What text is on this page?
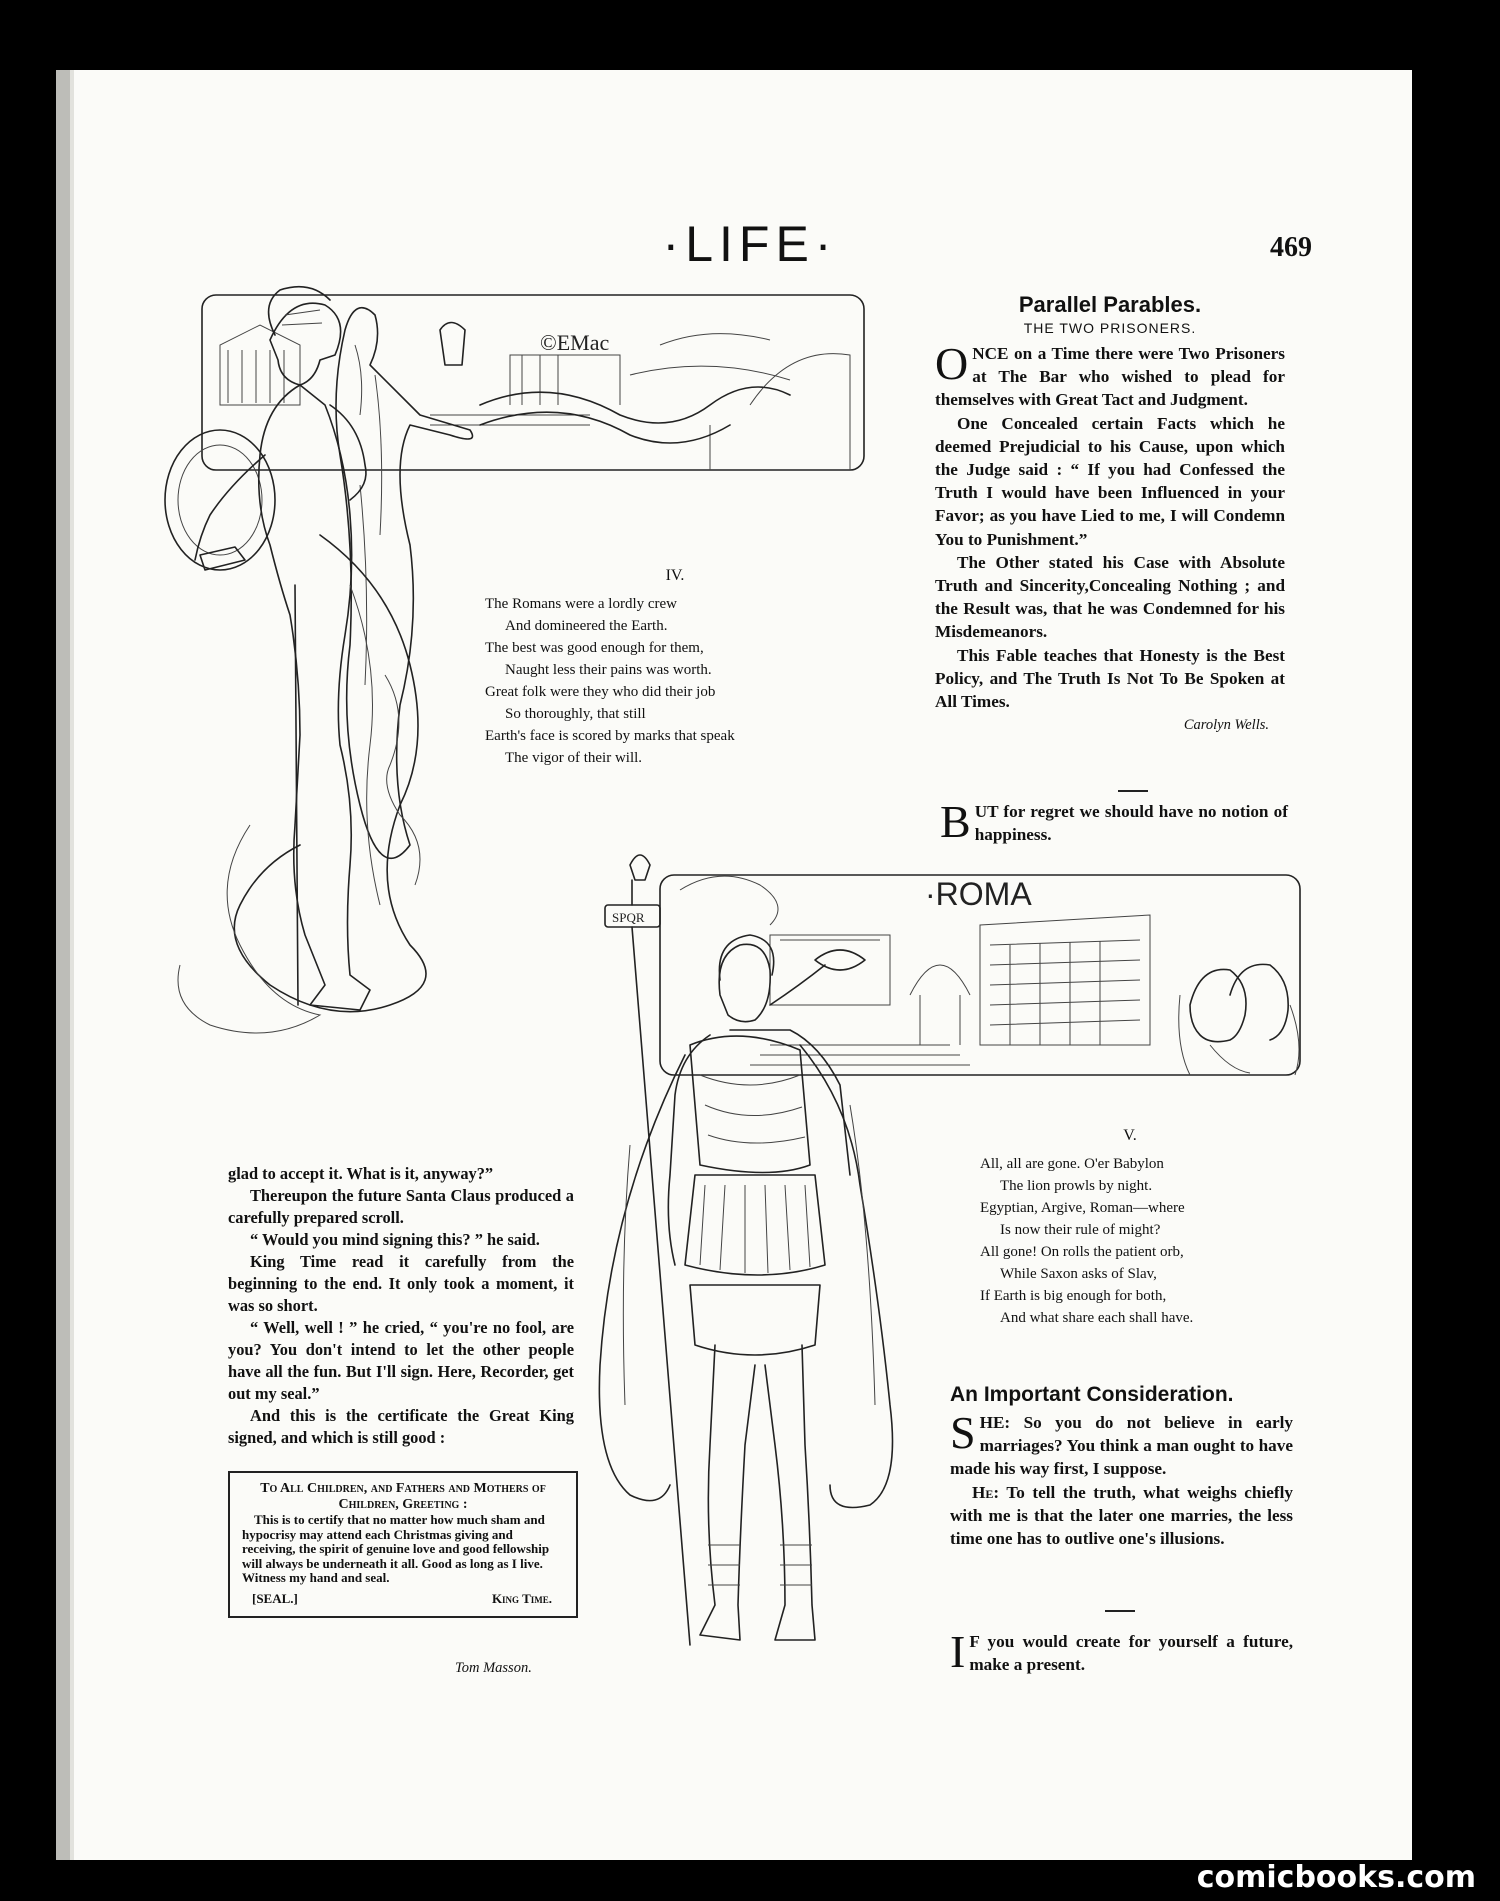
·LIFE·	469
©EMac
IV.
The Romans were a lordly crew
And domineered the Earth.
The best was good enough for them,
Naught less their pains was worth.
Great folk were they who did their job
So thoroughly, that still
Earth's face is scored by marks that speak
The vigor of their will.
Parallel Parables.
THE TWO PRISONERS.

ONCE on a Time there were Two Prisoners at The Bar who wished to plead for themselves with Great Tact and Judgment.

One Concealed certain Facts which he deemed Prejudicial to his Cause, upon which the Judge said : “ If you had Confessed the Truth I would have been Influenced in your Favor; as you have Lied to me, I will Condemn You to Punishment.”

The Other stated his Case with Absolute Truth and Sincerity,Concealing Nothing ; and the Result was, that he was Condemned for his Misdemeanors.

This Fable teaches that Honesty is the Best Policy, and The Truth Is Not To Be Spoken at All Times.

Carolyn Wells.

BUT for regret we should have no notion of happiness.

·ROMA
SPQR
V.
All, all are gone. O'er Babylon
The lion prowls by night.
Egyptian, Argive, Roman—where
Is now their rule of might?
All gone! On rolls the patient orb,
While Saxon asks of Slav,
If Earth is big enough for both,
And what share each shall have.

glad to accept it. What is it, anyway?”

Thereupon the future Santa Claus produced a carefully prepared scroll.

“ Would you mind signing this? ” he said.

King Time read it carefully from the beginning to the end. It only took a moment, it was so short.

“ Well, well ! ” he cried, “ you're no fool, are you? You don't intend to let the other people have all the fun. But I'll sign. Here, Recorder, get out my seal.”

And this is the certificate the Great King signed, and which is still good :

To All Children, and Fathers and Mothers of Children, Greeting :
This is to certify that no matter how much sham and hypocrisy may attend each Christmas giving and receiving, the spirit of genuine love and good fellowship will always be underneath it all. Good as long as I live. Witness my hand and seal.
[SEAL.]	King Time.
Tom Masson.
An Important Consideration.

SHE: So you do not believe in early marriages? You think a man ought to have made his way first, I suppose.

He: To tell the truth, what weighs chiefly with me is that the later one marries, the less time one has to outlive one's illusions.

I F you would create for yourself a future, make a present.

comicbooks.com
